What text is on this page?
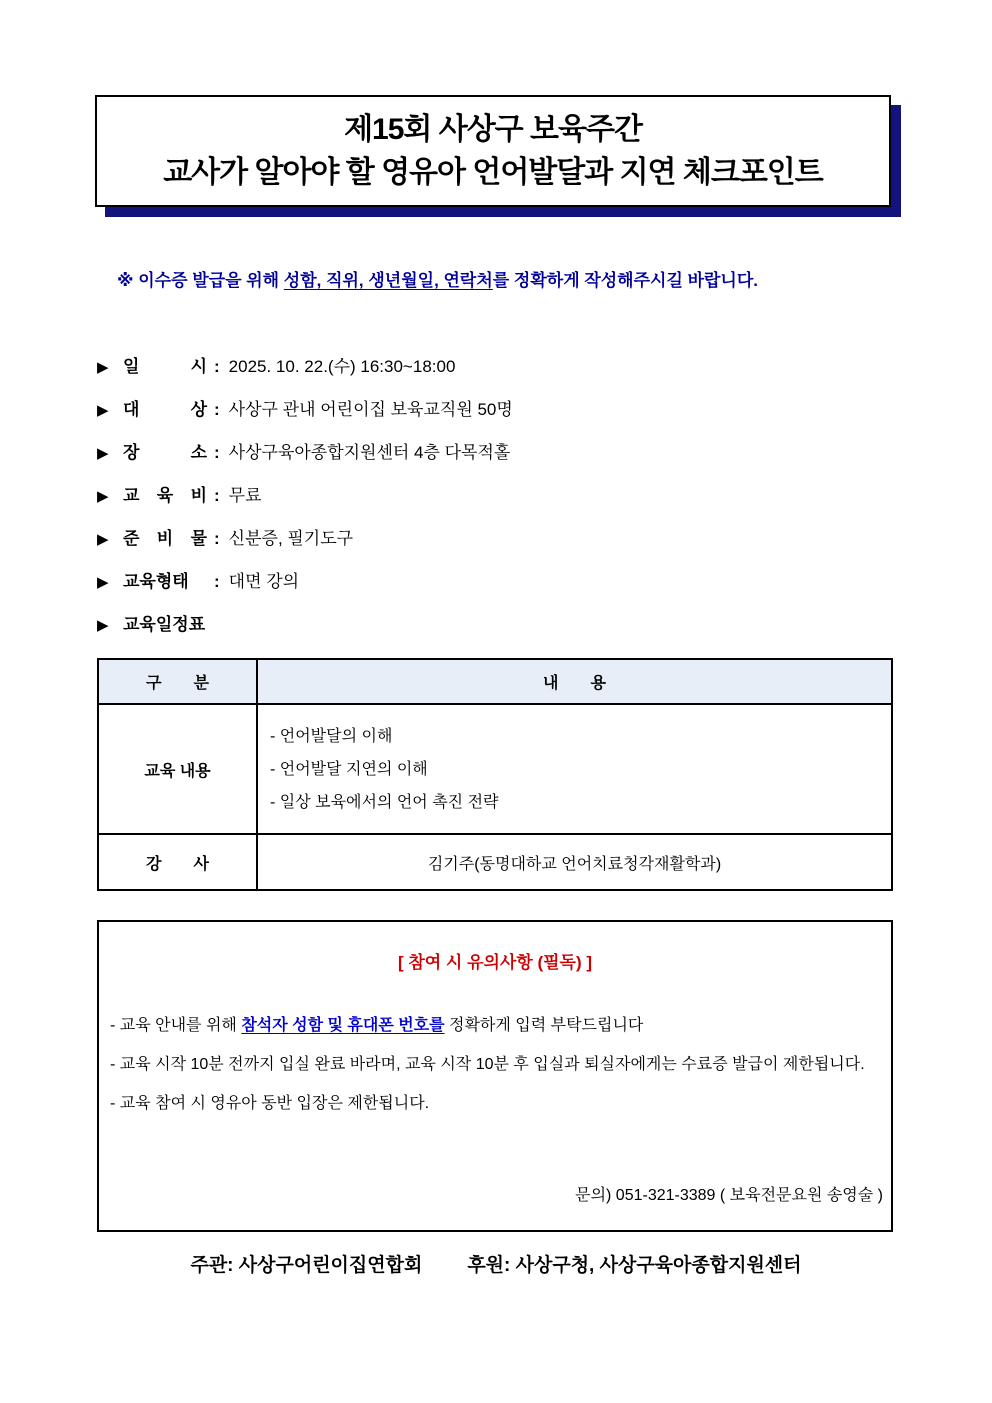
제15회 사상구 보육주간
교사가 알아야 할 영유아 언어발달과 지연 체크포인트
※ 이수증 발급을 위해 성함, 직위, 생년월일, 연락처를 정확하게 작성해주시길 바랍니다.
▶ 일 시 : 2025. 10. 22.(수) 16:30~18:00
▶ 대 상 : 사상구 관내 어린이집 보육교직원 50명
▶ 장 소 : 사상구육아종합지원센터 4층 다목적홀
▶ 교 육 비 : 무료
▶ 준 비 물 : 신분증, 필기도구
▶ 교육형태 : 대면 강의
▶ 교육일정표
구　　분	내　　용
교육 내용	- 언어발달의 이해
- 언어발달 지연의 이해
- 일상 보육에서의 언어 촉진 전략

강　　사	김기주(동명대하교 언어치료청각재활학과)
[ 참여 시 유의사항 (필독) ]
- 교육 안내를 위해 참석자 성함 및 휴대폰 번호를 정확하게 입력 부탁드립니다
- 교육 시작 10분 전까지 입실 완료 바라며, 교육 시작 10분 후 입실과 퇴실자에게는 수료증 발급이 제한됩니다.
- 교육 참여 시 영유아 동반 입장은 제한됩니다.
문의) 051-321-3389 ( 보육전문요원 송영술 )
주관: 사상구어린이집연합회 후원: 사상구청, 사상구육아종합지원센터
